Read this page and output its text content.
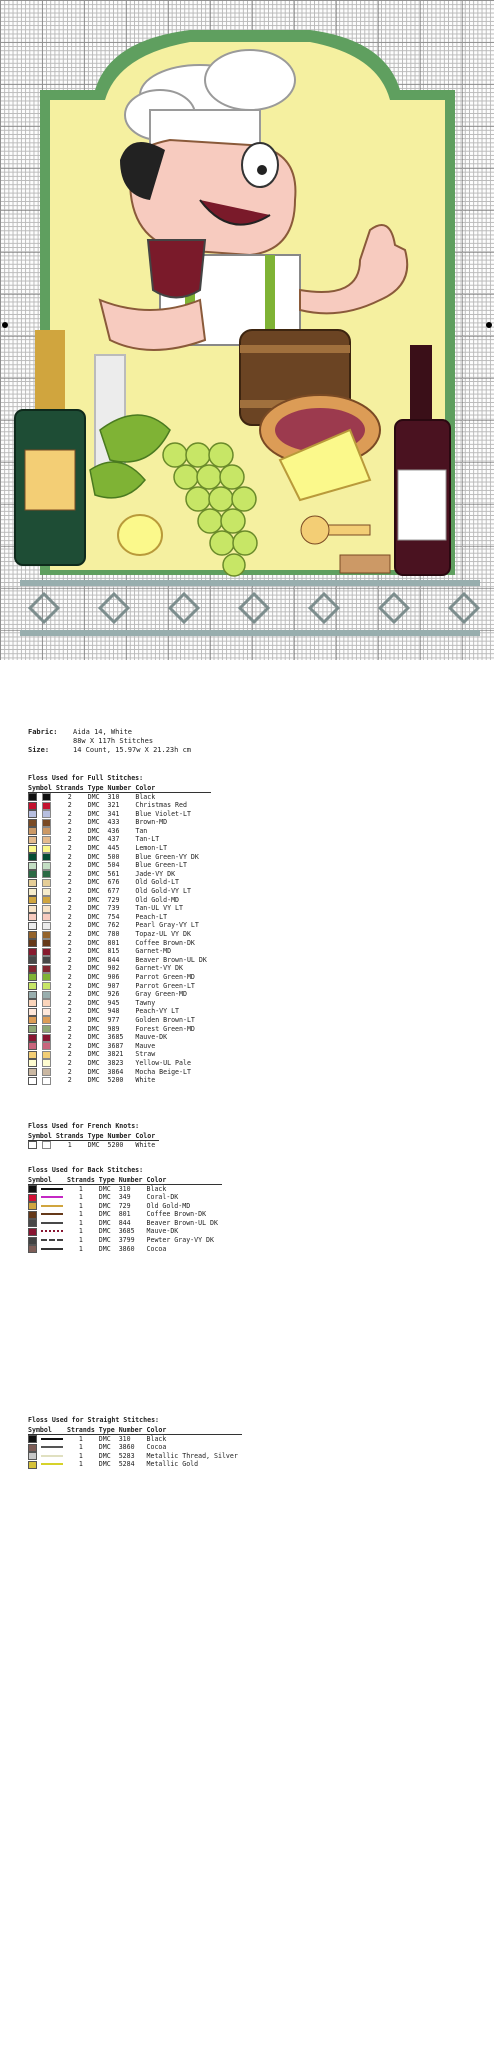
Fabric: Aida 14, White
88w X 117h Stitches
Size:	14 Count, 15.97w X 21.23h cm
Floss Used for Full Stitches:
Symbol		Strands	Type	Number	Color
		2	DMC	310	Black
		2	DMC	321	Christmas Red
		2	DMC	341	Blue Violet-LT
		2	DMC	433	Brown-MD
		2	DMC	436	Tan
		2	DMC	437	Tan-LT
		2	DMC	445	Lemon-LT
		2	DMC	500	Blue Green-VY DK
		2	DMC	504	Blue Green-LT
		2	DMC	561	Jade-VY DK
		2	DMC	676	Old Gold-LT
		2	DMC	677	Old Gold-VY LT
		2	DMC	729	Old Gold-MD
		2	DMC	739	Tan-UL VY LT
		2	DMC	754	Peach-LT
		2	DMC	762	Pearl Gray-VY LT
		2	DMC	780	Topaz-UL VY DK
		2	DMC	801	Coffee Brown-DK
		2	DMC	815	Garnet-MD
		2	DMC	844	Beaver Brown-UL DK
		2	DMC	902	Garnet-VY DK
		2	DMC	906	Parrot Green-MD
		2	DMC	907	Parrot Green-LT
		2	DMC	926	Gray Green-MD
		2	DMC	945	Tawny
		2	DMC	948	Peach-VY LT
		2	DMC	977	Golden Brown-LT
		2	DMC	989	Forest Green-MD
		2	DMC	3685	Mauve-DK
		2	DMC	3687	Mauve
		2	DMC	3821	Straw
		2	DMC	3823	Yellow-UL Pale
		2	DMC	3864	Mocha Beige-LT
		2	DMC	5200	White
Floss Used for French Knots:
Symbol		Strands	Type	Number	Color
		1	DMC	5200	White
Floss Used for Back Stitches:
Symbol		Strands	Type	Number	Color
		1	DMC	310	Black
		1	DMC	349	Coral-DK
		1	DMC	729	Old Gold-MD
		1	DMC	801	Coffee Brown-DK
		1	DMC	844	Beaver Brown-UL DK
		1	DMC	3685	Mauve-DK
		1	DMC	3799	Pewter Gray-VY DK
		1	DMC	3860	Cocoa
Floss Used for Straight Stitches:
Symbol		Strands	Type	Number	Color
		1	DMC	310	Black
		1	DMC	3860	Cocoa
		1	DMC	5283	Metallic Thread, Silver
		1	DMC	5284	Metallic Gold
